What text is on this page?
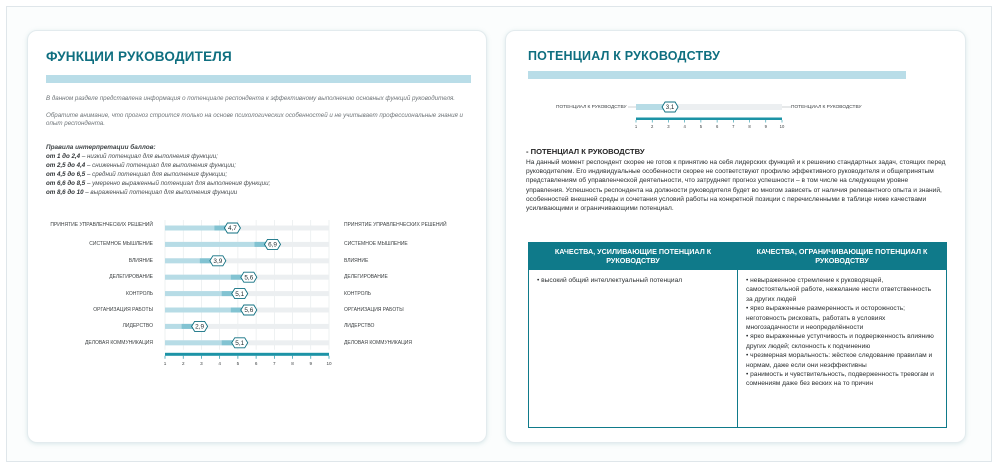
ФУНКЦИИ РУКОВОДИТЕЛЯ
В данном разделе представлена информация о потенциале респондента к эффективному выполнению основных функций руководителя.
Обратите внимание, что прогноз строится только на основе психологических особенностей и не учитывает профессиональные знания и опыт респондента.
Правила интерпретации баллов:
от 1 до 2,4 – низкий потенциал для выполнения функции;
от 2,5 до 4,4 – сниженный потенциал для выполнения функции;
от 4,5 до 6,5 – средний потенциал для выполнения функции;
от 6,6 до 8,5 – умеренно выраженный потенциал для выполнения функции;
от 8,6 до 10 – выраженный потенциал для выполнения функции
4,7
6,9
3,9
5,6
5,1
5,6
2,9
5,1
1	2	3	4	5	6	7	8	9	10
ПРИНЯТИЕ УПРАВЛЕНЧЕСКИХ РЕШЕНИЙ	ПРИНЯТИЕ УПРАВЛЕНЧЕСКИХ РЕШЕНИЙ
СИСТЕМНОЕ МЫШЛЕНИЕ	СИСТЕМНОЕ МЫШЛЕНИЕ
ВЛИЯНИЕ	ВЛИЯНИЕ
ДЕЛЕГИРОВАНИЕ	ДЕЛЕГИРОВАНИЕ
КОНТРОЛЬ	КОНТРОЛЬ
ОРГАНИЗАЦИЯ РАБОТЫ	ОРГАНИЗАЦИЯ РАБОТЫ
ЛИДЕРСТВО	ЛИДЕРСТВО
ДЕЛОВАЯ КОММУНИКАЦИЯ	ДЕЛОВАЯ КОММУНИКАЦИЯ
ПОТЕНЦИАЛ К РУКОВОДСТВУ
ПОТЕНЦИАЛ К РУКОВОДСТВУ	ПОТЕНЦИАЛ К РУКОВОДСТВУ
3,1
1	2	3	4	5	6	7	8	9	10
- ПОТЕНЦИАЛ К РУКОВОДСТВУ
На данный момент респондент скорее не готов к принятию на себя лидерских функций и к решению стандартных задач, стоящих перед руководителем. Его индивидуальные особенности скорее не соответствуют профилю эффективного руководителя и общепринятым представлениям об управленческой деятельности, что затрудняет прогноз успешности – в том числе на следующем уровне управления. Успешность респондента на должности руководителя будет во многом зависеть от наличия релевантного опыта и знаний, особенностей внешней среды и сочетания условий работы на конкретной позиции с перечисленными в таблице ниже качествами усиливающими и ограничивающими потенциал.
КАЧЕСТВА, УСИЛИВАЮЩИЕ ПОТЕНЦИАЛ К РУКОВОДСТВУ	КАЧЕСТВА, ОГРАНИЧИВАЮЩИЕ ПОТЕНЦИАЛ К РУКОВОДСТВУ

• высокий общий интеллектуальный потенциал	• невыраженное стремление к руководящей, самостоятельной работе, нежелание нести ответственность за других людей
• ярко выраженные размеренность и осторожность; неготовность рисковать, работать в условиях многозадачности и неопределённости
• ярко выраженные уступчивость и подверженность влиянию других людей; склонность к подчинению
• чрезмерная моральность: жёсткое следование правилам и нормам, даже если они неэффективны
• ранимость и чувствительность, подверженность тревогам и сомнениям даже без веских на то причин
